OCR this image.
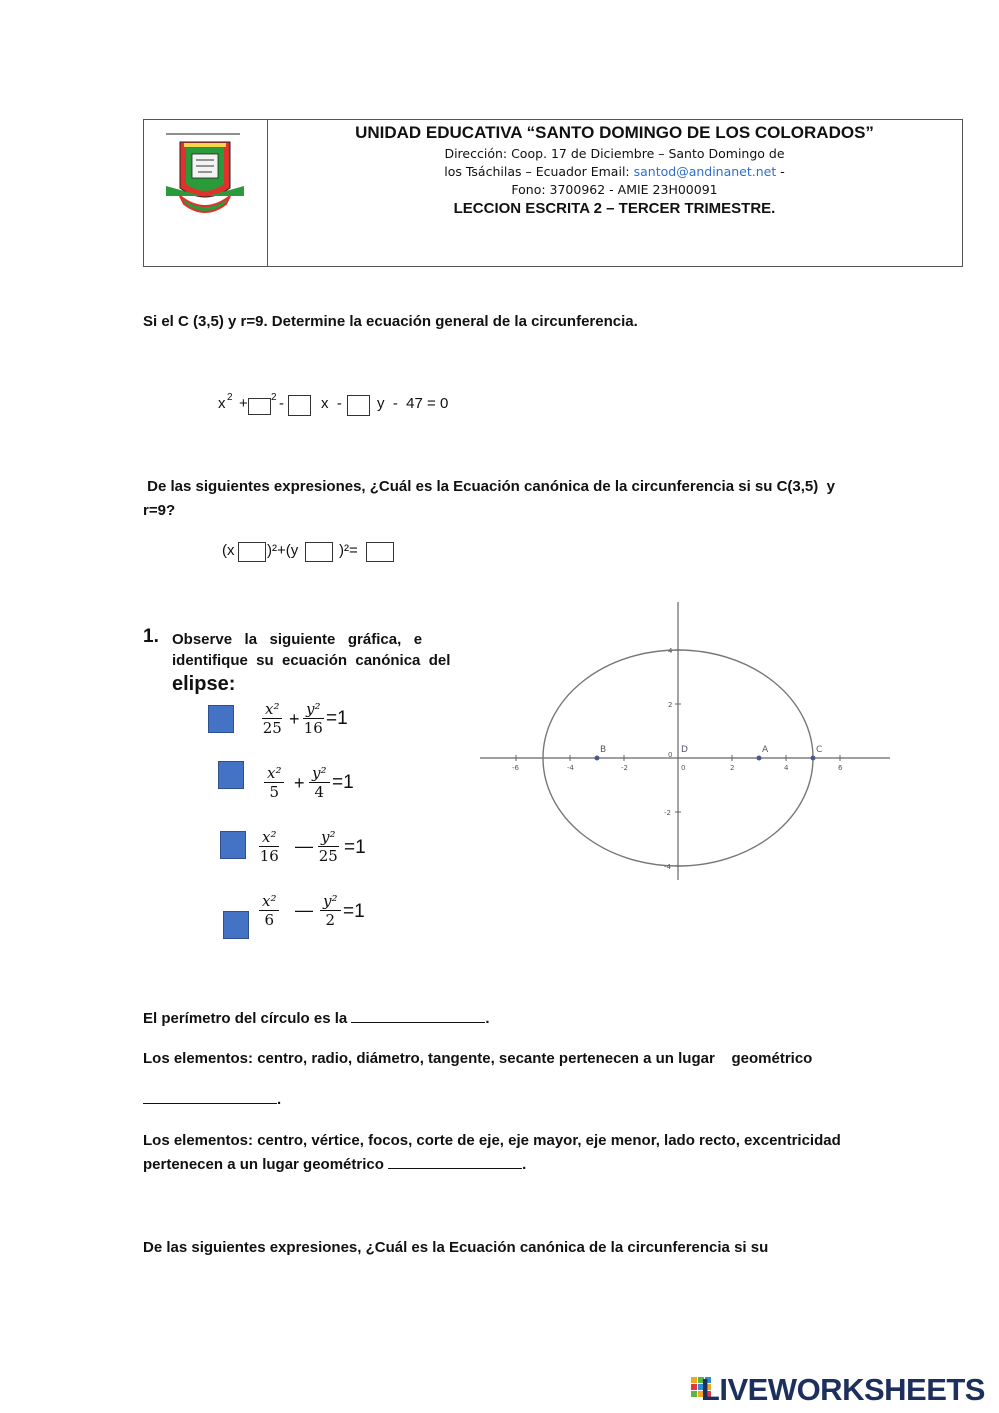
UNIDAD EDUCATIVA “SANTO DOMINGO DE LOS COLORADOS”
Dirección: Coop. 17 de Diciembre – Santo Domingo de
los Tsáchilas – Ecuador Email: santod@andinanet.net -
Fono: 3700962 - AMIE 23H00091
LECCION ESCRITA 2 – TERCER TRIMESTRE.
Si el C (3,5) y r=9. Determine la ecuación general de la circunferencia.
x 2 + 2 - x  - y  -  47 = 0
De las siguientes expresiones, ¿Cuál es la Ecuación canónica de la circunferencia si su C(3,5)  y
r=9?
(x )²+(y	)²=
1. Observe   la   siguiente   gráfica,   e
identifique  su  ecuación  canónica  del
elipse:
$\frac{\text{x²}}{25} + \frac{\text{y²}}{16} =1$
$\frac{\text{x²}}{5} + \frac{\text{y²}}{4} =1$
$\frac{\text{x²}}{16}$ — $\frac{\text{y²}}{25} =1$
$\frac{\text{x²}}{6}$ — $\frac{\text{y²}}{2} =1$
-6	-4	-2	0	2	4	6
4
2
0
-2
-4
B	D	A	C
El perímetro del círculo es la	.
Los elementos: centro, radio, diámetro, tangente, secante pertenecen a un lugar    geométrico
.
Los elementos: centro, vértice, focos, corte de eje, eje mayor, eje menor, lado recto, excentricidad
pertenecen a un lugar geométrico	.
De las siguientes expresiones, ¿Cuál es la Ecuación canónica de la circunferencia si su
LIVEWORKSHEETS
